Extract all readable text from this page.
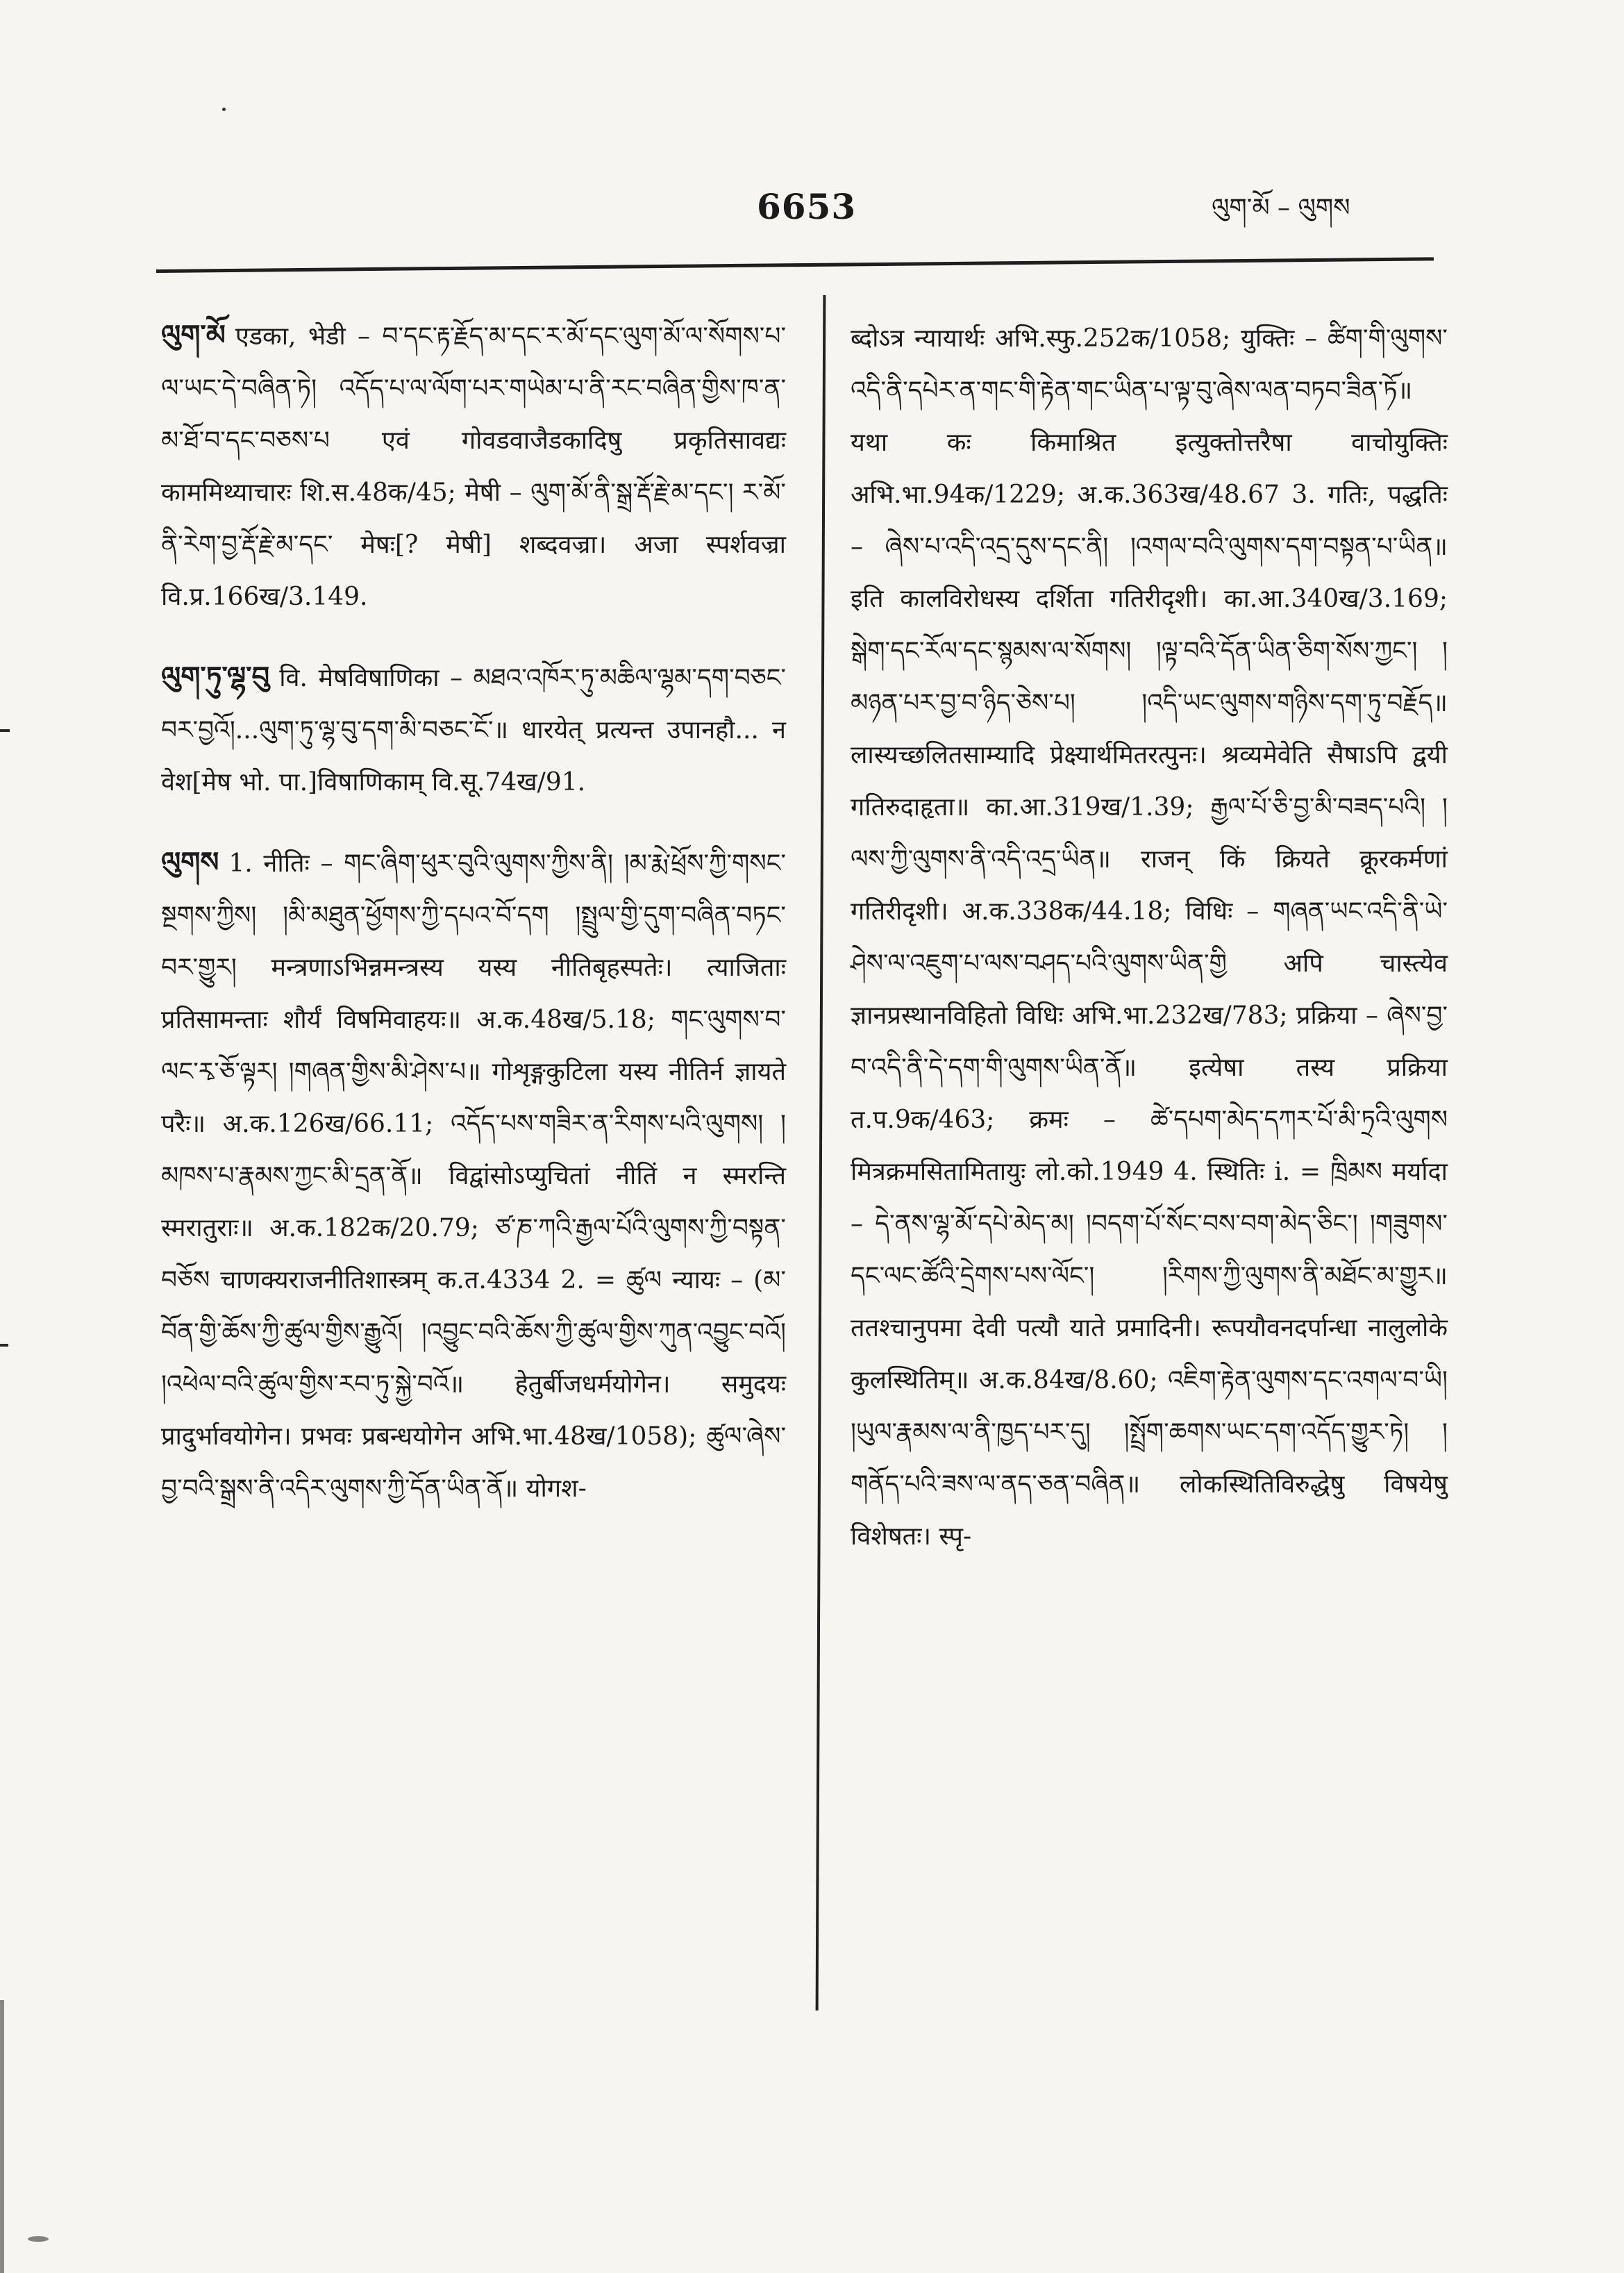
6653	ལུག་མོ – ལུགས

ལུག་མོ एडका, भेडी – བ་དང་རྟ་རྗོད་མ་དང་ར་མོ་དང་ལུག་མོ་ལ་སོགས་པ་ལ་ཡང་དེ་བཞིན་ཏེ། འདོད་པ་ལ་ལོག་པར་གཡེམ་པ་ནི་རང་བཞིན་གྱིས་ཁ་ན་མ་ཐོ་བ་དང་བཅས་པ एवं गोवडवाजैडकादिषु प्रकृतिसावद्यः काममिथ्याचारः शि.स.48क/45; मेषी – ལུག་མོ་ནི་སྒྲ་རྡོ་རྗེ་མ་དང་། ར་མོ་ནི་རེག་བྱ་རྡོ་རྗེ་མ་དང་ मेषः[? मेषी] शब्दवज्रा। अजा स्पर्शवज्रा वि.प्र.166ख/3.149.

ལུག་ཏུ་ལྷ་བུ वि. मेषविषाणिका – མཐའ་འཁོར་ཏུ་མཆིལ་ལྷམ་དག་བཅང་བར་བྱའོ།...ལུག་ཏུ་ལྷ་བུ་དག་མི་བཅང་ངོ་॥ धारयेत् प्रत्यन्त उपानहौ... न वेश[मेष भो. पा.]विषाणिकाम् वि.सू.74ख/91.

ལུགས 1. नीतिः – གང་ཞིག་ཕུར་བུའི་ལུགས་ཀྱིས་ནི། །མ་རྨེ་ཕྲོས་ཀྱི་གསང་སྔགས་ཀྱིས། །མི་མཐུན་ཕྱོགས་ཀྱི་དཔའ་བོ་དག །སྤྲུལ་གྱི་དུག་བཞིན་བཏང་བར་གྱུར། मन्त्रणाऽभिन्नमन्त्रस्य यस्य नीतिबृहस्पतेः। त्याजिताः प्रतिसामन्ताः शौर्यं विषमिवाहयः॥ अ.क.48ख/5.18; གང་ལུགས་བ་ལང་རྭ་ཅོ་ལྟར། །གཞན་གྱིས་མི་ཤེས་པ॥ गोशृङ्गकुटिला यस्य नीतिर्न ज्ञायते परैः॥ अ.क.126ख/66.11; འདོད་པས་གཟིར་ན་རིགས་པའི་ལུགས། །མཁས་པ་རྣམས་ཀྱང་མི་དྲན་ནོ॥ विद्वांसोऽप्युचितां नीतिं न स्मरन्ति स्मरातुराः॥ अ.क.182क/20.79; ཙ་ཎ་ཀའི་རྒྱལ་པོའི་ལུགས་ཀྱི་བསྟན་བཅོས चाणक्यराजनीतिशास्त्रम् क.त.4334 2. = ཚུལ न्यायः – (མ་བོན་གྱི་ཆོས་ཀྱི་ཚུལ་གྱིས་རྒྱུའོ། །འབྱུང་བའི་ཆོས་ཀྱི་ཚུལ་གྱིས་ཀུན་འབྱུང་བའོ། །འཕེལ་བའི་ཚུལ་གྱིས་རབ་ཏུ་སྐྱེ་བའོ॥ हेतुर्बीजधर्मयोगेन। समुदयः प्रादुर्भावयोगेन। प्रभवः प्रबन्धयोगेन अभि.भा.48ख/1058); ཚུལ་ཞེས་བྱ་བའི་སྒྲས་ནི་འདིར་ལུགས་ཀྱི་དོན་ཡིན་ནོ॥ योगश-

ब्दोऽत्र न्यायार्थः अभि.स्फु.252क/1058; युक्तिः – ཚིག་གི་ལུགས་འདི་ནི་དཔེར་ན་གང་གི་རྟེན་གང་ཡིན་པ་ལྟ་བུ་ཞེས་ལན་བཏབ་ཟིན་ཏོ॥ यथा कः किमाश्रित इत्युक्तोत्तरैषा वाचोयुक्तिः अभि.भा.94क/1229; अ.क.363ख/48.67 3. गतिः, पद्धतिः – ཞེས་པ་འདི་འདྲ་དུས་དང་ནི། །འགལ་བའི་ལུགས་དག་བསྟན་པ་ཡིན॥ इति कालविरोधस्य दर्शिता गतिरीदृशी। का.आ.340ख/3.169; སྒེག་དང་རོལ་དང་སྙམས་ལ་སོགས། །ལྟ་བའི་དོན་ཡིན་ཅིག་སོས་ཀྱང་། །མཉན་པར་བྱ་བ་ཉིད་ཅེས་པ། །འདི་ཡང་ལུགས་གཉིས་དག་ཏུ་བརྗོད॥ लास्यच्छलितसाम्यादि प्रेक्ष्यार्थमितरत्पुनः। श्रव्यमेवेति सैषाऽपि द्वयी गतिरुदाहृता॥ का.आ.319ख/1.39; རྒྱལ་པོ་ཅི་བྱ་མི་བཟད་པའི། །ལས་ཀྱི་ལུགས་ནི་འདི་འདྲ་ཡིན॥ राजन् किं क्रियते क्रूरकर्मणां गतिरीदृशी। अ.क.338क/44.18; विधिः – གཞན་ཡང་འདི་ནི་ཡེ་ཤེས་ལ་འཇུག་པ་ལས་བཤད་པའི་ལུགས་ཡིན་གྱི अपि चास्त्येव ज्ञानप्रस्थानविहितो विधिः अभि.भा.232ख/783; प्रक्रिया – ཞེས་བྱ་བ་འདི་ནི་དེ་དག་གི་ལུགས་ཡིན་ནོ॥ इत्येषा तस्य प्रक्रिया त.प.9क/463; क्रमः – ཚེ་དཔག་མེད་དཀར་པོ་མི་ཏྲའི་ལུགས मित्रक्रमसितामितायुः लो.को.1949 4. स्थितिः i. = ཁྲིམས मर्यादा – དེ་ནས་ལྷ་མོ་དཔེ་མེད་མ། །བདག་པོ་སོང་བས་བག་མེད་ཅིང་། །གཟུགས་དང་ལང་ཚོའི་དྲེགས་པས་ལོང་། །རིགས་ཀྱི་ལུགས་ནི་མཐོང་མ་གྱུར॥ ततश्चानुपमा देवी पत्यौ याते प्रमादिनी। रूपयौवनदर्पान्धा नालुलोके कुलस्थितिम्॥ अ.क.84ख/8.60; འཇིག་རྟེན་ལུགས་དང་འགལ་བ་ཡི། །ཡུལ་རྣམས་ལ་ནི་ཁྱད་པར་དུ། །སྤྲོག་ཆགས་ཡང་དག་འདོད་གྱུར་ཏེ། །གནོད་པའི་ཟས་ལ་ནད་ཅན་བཞིན॥ लोकस्थितिविरुद्धेषु विषयेषु विशेषतः। स्पृ-
